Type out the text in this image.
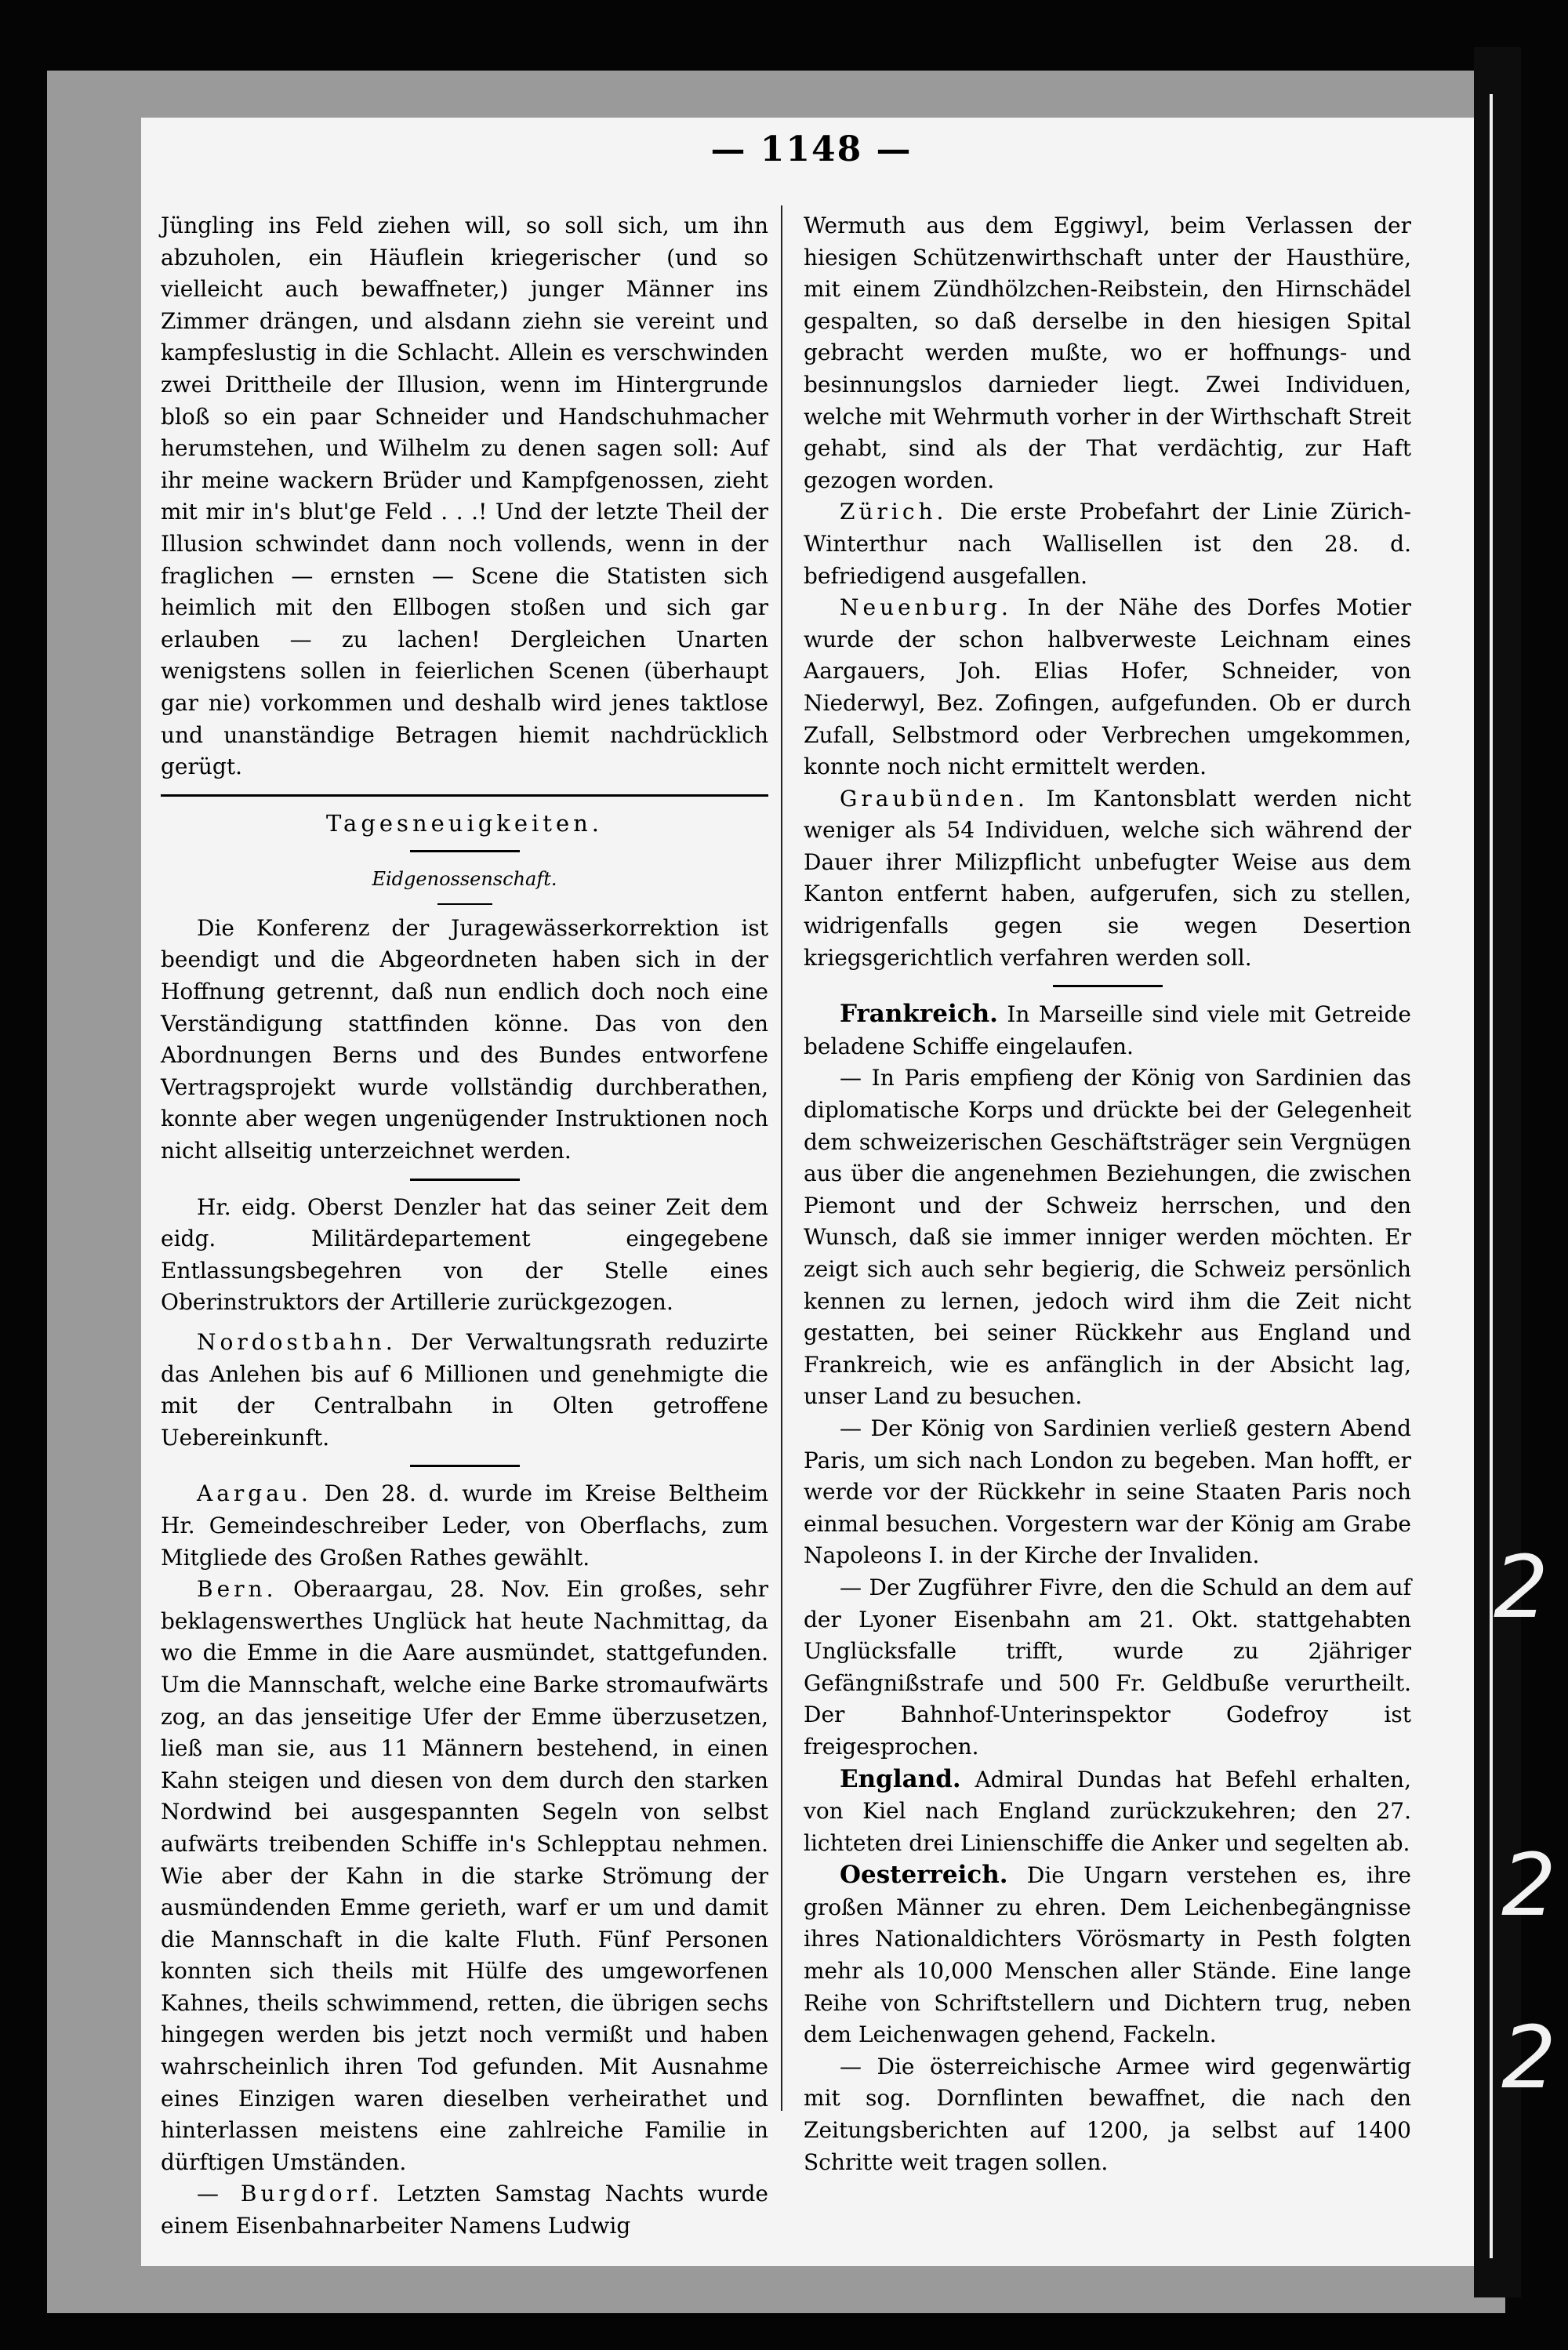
2
2
2
— 1148 —

Jüngling ins Feld ziehen will, so soll sich, um ihn abzuholen, ein Häuflein kriegerischer (und so vielleicht auch bewaffneter,) junger Männer ins Zimmer drängen, und alsdann ziehn sie vereint und kampfeslustig in die Schlacht. Allein es verschwinden zwei Drittheile der Illusion, wenn im Hintergrunde bloß so ein paar Schneider und Handschuhmacher herumstehen, und Wilhelm zu denen sagen soll: Auf ihr meine wackern Brüder und Kampfgenossen, zieht mit mir in's blut'ge Feld . . .! Und der letzte Theil der Illusion schwindet dann noch vollends, wenn in der fraglichen — ernsten — Scene die Statisten sich heimlich mit den Ellbogen stoßen und sich gar erlauben — zu lachen! Dergleichen Unarten wenigstens sollen in feierlichen Scenen (überhaupt gar nie) vorkommen und deshalb wird jenes taktlose und unanständige Betragen hiemit nachdrücklich gerügt.

Tagesneuigkeiten.

Eidgenossenschaft.

Die Konferenz der Juragewässerkorrektion ist beendigt und die Abgeordneten haben sich in der Hoffnung getrennt, daß nun endlich doch noch eine Verständigung stattfinden könne. Das von den Abordnungen Berns und des Bundes entworfene Vertragsprojekt wurde vollständig durchberathen, konnte aber wegen ungenügender Instruktionen noch nicht allseitig unterzeichnet werden.

Hr. eidg. Oberst Denzler hat das seiner Zeit dem eidg. Militärdepartement eingegebene Entlassungsbegehren von der Stelle eines Oberinstruktors der Artillerie zurückgezogen.

Nordostbahn. Der Verwaltungsrath reduzirte das Anlehen bis auf 6 Millionen und genehmigte die mit der Centralbahn in Olten getroffene Uebereinkunft.

Aargau. Den 28. d. wurde im Kreise Beltheim Hr. Gemeindeschreiber Leder, von Oberflachs, zum Mitgliede des Großen Rathes gewählt.

Bern. Oberaargau, 28. Nov. Ein großes, sehr beklagenswerthes Unglück hat heute Nachmittag, da wo die Emme in die Aare ausmündet, stattgefunden. Um die Mannschaft, welche eine Barke stromaufwärts zog, an das jenseitige Ufer der Emme überzusetzen, ließ man sie, aus 11 Männern bestehend, in einen Kahn steigen und diesen von dem durch den starken Nordwind bei ausgespannten Segeln von selbst aufwärts treibenden Schiffe in's Schlepptau nehmen. Wie aber der Kahn in die starke Strömung der ausmündenden Emme gerieth, warf er um und damit die Mannschaft in die kalte Fluth. Fünf Personen konnten sich theils mit Hülfe des umgeworfenen Kahnes, theils schwimmend, retten, die übrigen sechs hingegen werden bis jetzt noch vermißt und haben wahrscheinlich ihren Tod gefunden. Mit Ausnahme eines Einzigen waren dieselben verheirathet und hinterlassen meistens eine zahlreiche Familie in dürftigen Umständen.

— Burgdorf. Letzten Samstag Nachts wurde einem Eisenbahnarbeiter Namens Ludwig

Wermuth aus dem Eggiwyl, beim Verlassen der hiesigen Schützenwirthschaft unter der Hausthüre, mit einem Zündhölzchen-Reibstein, den Hirnschädel gespalten, so daß derselbe in den hiesigen Spital gebracht werden mußte, wo er hoffnungs- und besinnungslos darnieder liegt. Zwei Individuen, welche mit Wehrmuth vorher in der Wirthschaft Streit gehabt, sind als der That verdächtig, zur Haft gezogen worden.

Zürich. Die erste Probefahrt der Linie Zürich-Winterthur nach Wallisellen ist den 28. d. befriedigend ausgefallen.

Neuenburg. In der Nähe des Dorfes Motier wurde der schon halbverweste Leichnam eines Aargauers, Joh. Elias Hofer, Schneider, von Niederwyl, Bez. Zofingen, aufgefunden. Ob er durch Zufall, Selbstmord oder Verbrechen umgekommen, konnte noch nicht ermittelt werden.

Graubünden. Im Kantonsblatt werden nicht weniger als 54 Individuen, welche sich während der Dauer ihrer Milizpflicht unbefugter Weise aus dem Kanton entfernt haben, aufgerufen, sich zu stellen, widrigenfalls gegen sie wegen Desertion kriegsgerichtlich verfahren werden soll.

Frankreich. In Marseille sind viele mit Getreide beladene Schiffe eingelaufen.

— In Paris empfieng der König von Sardinien das diplomatische Korps und drückte bei der Gelegenheit dem schweizerischen Geschäftsträger sein Vergnügen aus über die angenehmen Beziehungen, die zwischen Piemont und der Schweiz herrschen, und den Wunsch, daß sie immer inniger werden möchten. Er zeigt sich auch sehr begierig, die Schweiz persönlich kennen zu lernen, jedoch wird ihm die Zeit nicht gestatten, bei seiner Rückkehr aus England und Frankreich, wie es anfänglich in der Absicht lag, unser Land zu besuchen.

— Der König von Sardinien verließ gestern Abend Paris, um sich nach London zu begeben. Man hofft, er werde vor der Rückkehr in seine Staaten Paris noch einmal besuchen. Vorgestern war der König am Grabe Napoleons I. in der Kirche der Invaliden.

— Der Zugführer Fivre, den die Schuld an dem auf der Lyoner Eisenbahn am 21. Okt. stattgehabten Unglücksfalle trifft, wurde zu 2jähriger Gefängnißstrafe und 500 Fr. Geldbuße verurtheilt. Der Bahnhof-Unterinspektor Godefroy ist freigesprochen.

England. Admiral Dundas hat Befehl erhalten, von Kiel nach England zurückzukehren; den 27. lichteten drei Linienschiffe die Anker und segelten ab.

Oesterreich. Die Ungarn verstehen es, ihre großen Männer zu ehren. Dem Leichenbegängnisse ihres Nationaldichters Vörösmarty in Pesth folgten mehr als 10,000 Menschen aller Stände. Eine lange Reihe von Schriftstellern und Dichtern trug, neben dem Leichenwagen gehend, Fackeln.

— Die österreichische Armee wird gegenwärtig mit sog. Dornflinten bewaffnet, die nach den Zeitungsberichten auf 1200, ja selbst auf 1400 Schritte weit tragen sollen.
